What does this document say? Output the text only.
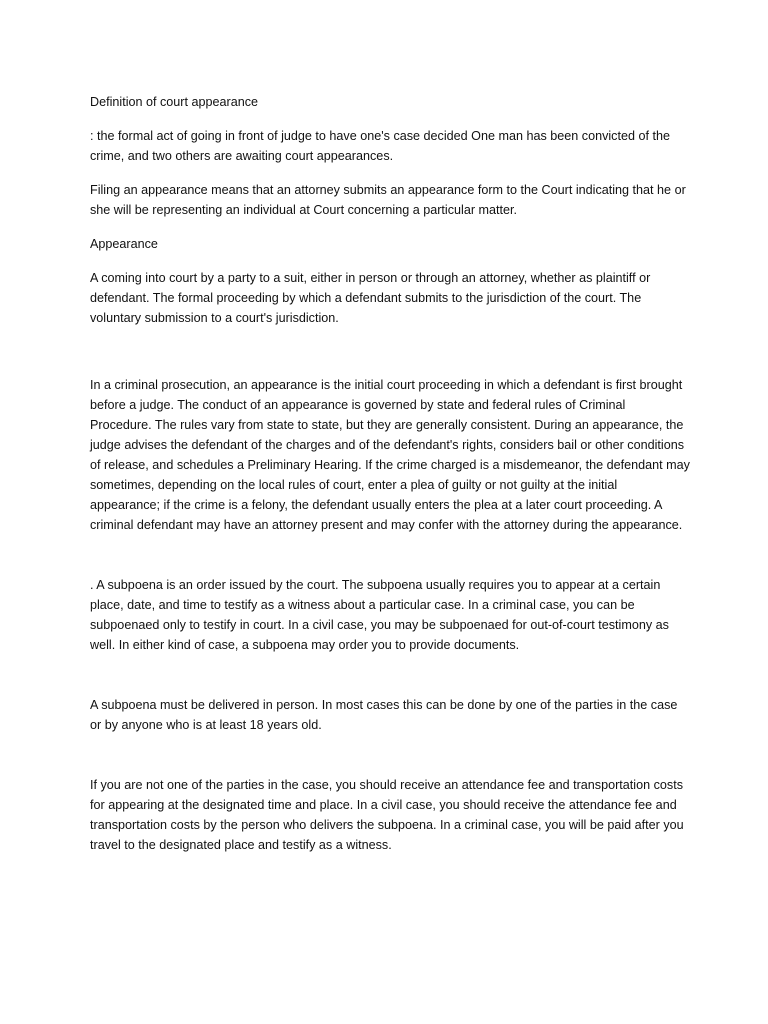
Definition of court appearance

: the formal act of going in front of judge to have one's case decided One man has been convicted of the crime, and two others are awaiting court appearances.

Filing an appearance means that an attorney submits an appearance form to the Court indicating that he or she will be representing an individual at Court concerning a particular matter.

Appearance

A coming into court by a party to a suit, either in person or through an attorney, whether as plaintiff or defendant. The formal proceeding by which a defendant submits to the jurisdiction of the court. The voluntary submission to a court's jurisdiction.

In a criminal prosecution, an appearance is the initial court proceeding in which a defendant is first brought before a judge. The conduct of an appearance is governed by state and federal rules of Criminal Procedure. The rules vary from state to state, but they are generally consistent. During an appearance, the judge advises the defendant of the charges and of the defendant's rights, considers bail or other conditions of release, and schedules a Preliminary Hearing. If the crime charged is a misdemeanor, the defendant may sometimes, depending on the local rules of court, enter a plea of guilty or not guilty at the initial appearance; if the crime is a felony, the defendant usually enters the plea at a later court proceeding. A criminal defendant may have an attorney present and may confer with the attorney during the appearance.

. A subpoena is an order issued by the court. The subpoena usually requires you to appear at a certain place, date, and time to testify as a witness about a particular case. In a criminal case, you can be subpoenaed only to testify in court. In a civil case, you may be subpoenaed for out-of-court testimony as well. In either kind of case, a subpoena may order you to provide documents.

A subpoena must be delivered in person. In most cases this can be done by one of the parties in the case or by anyone who is at least 18 years old.

If you are not one of the parties in the case, you should receive an attendance fee and transportation costs for appearing at the designated time and place. In a civil case, you should receive the attendance fee and transportation costs by the person who delivers the subpoena. In a criminal case, you will be paid after you travel to the designated place and testify as a witness.
